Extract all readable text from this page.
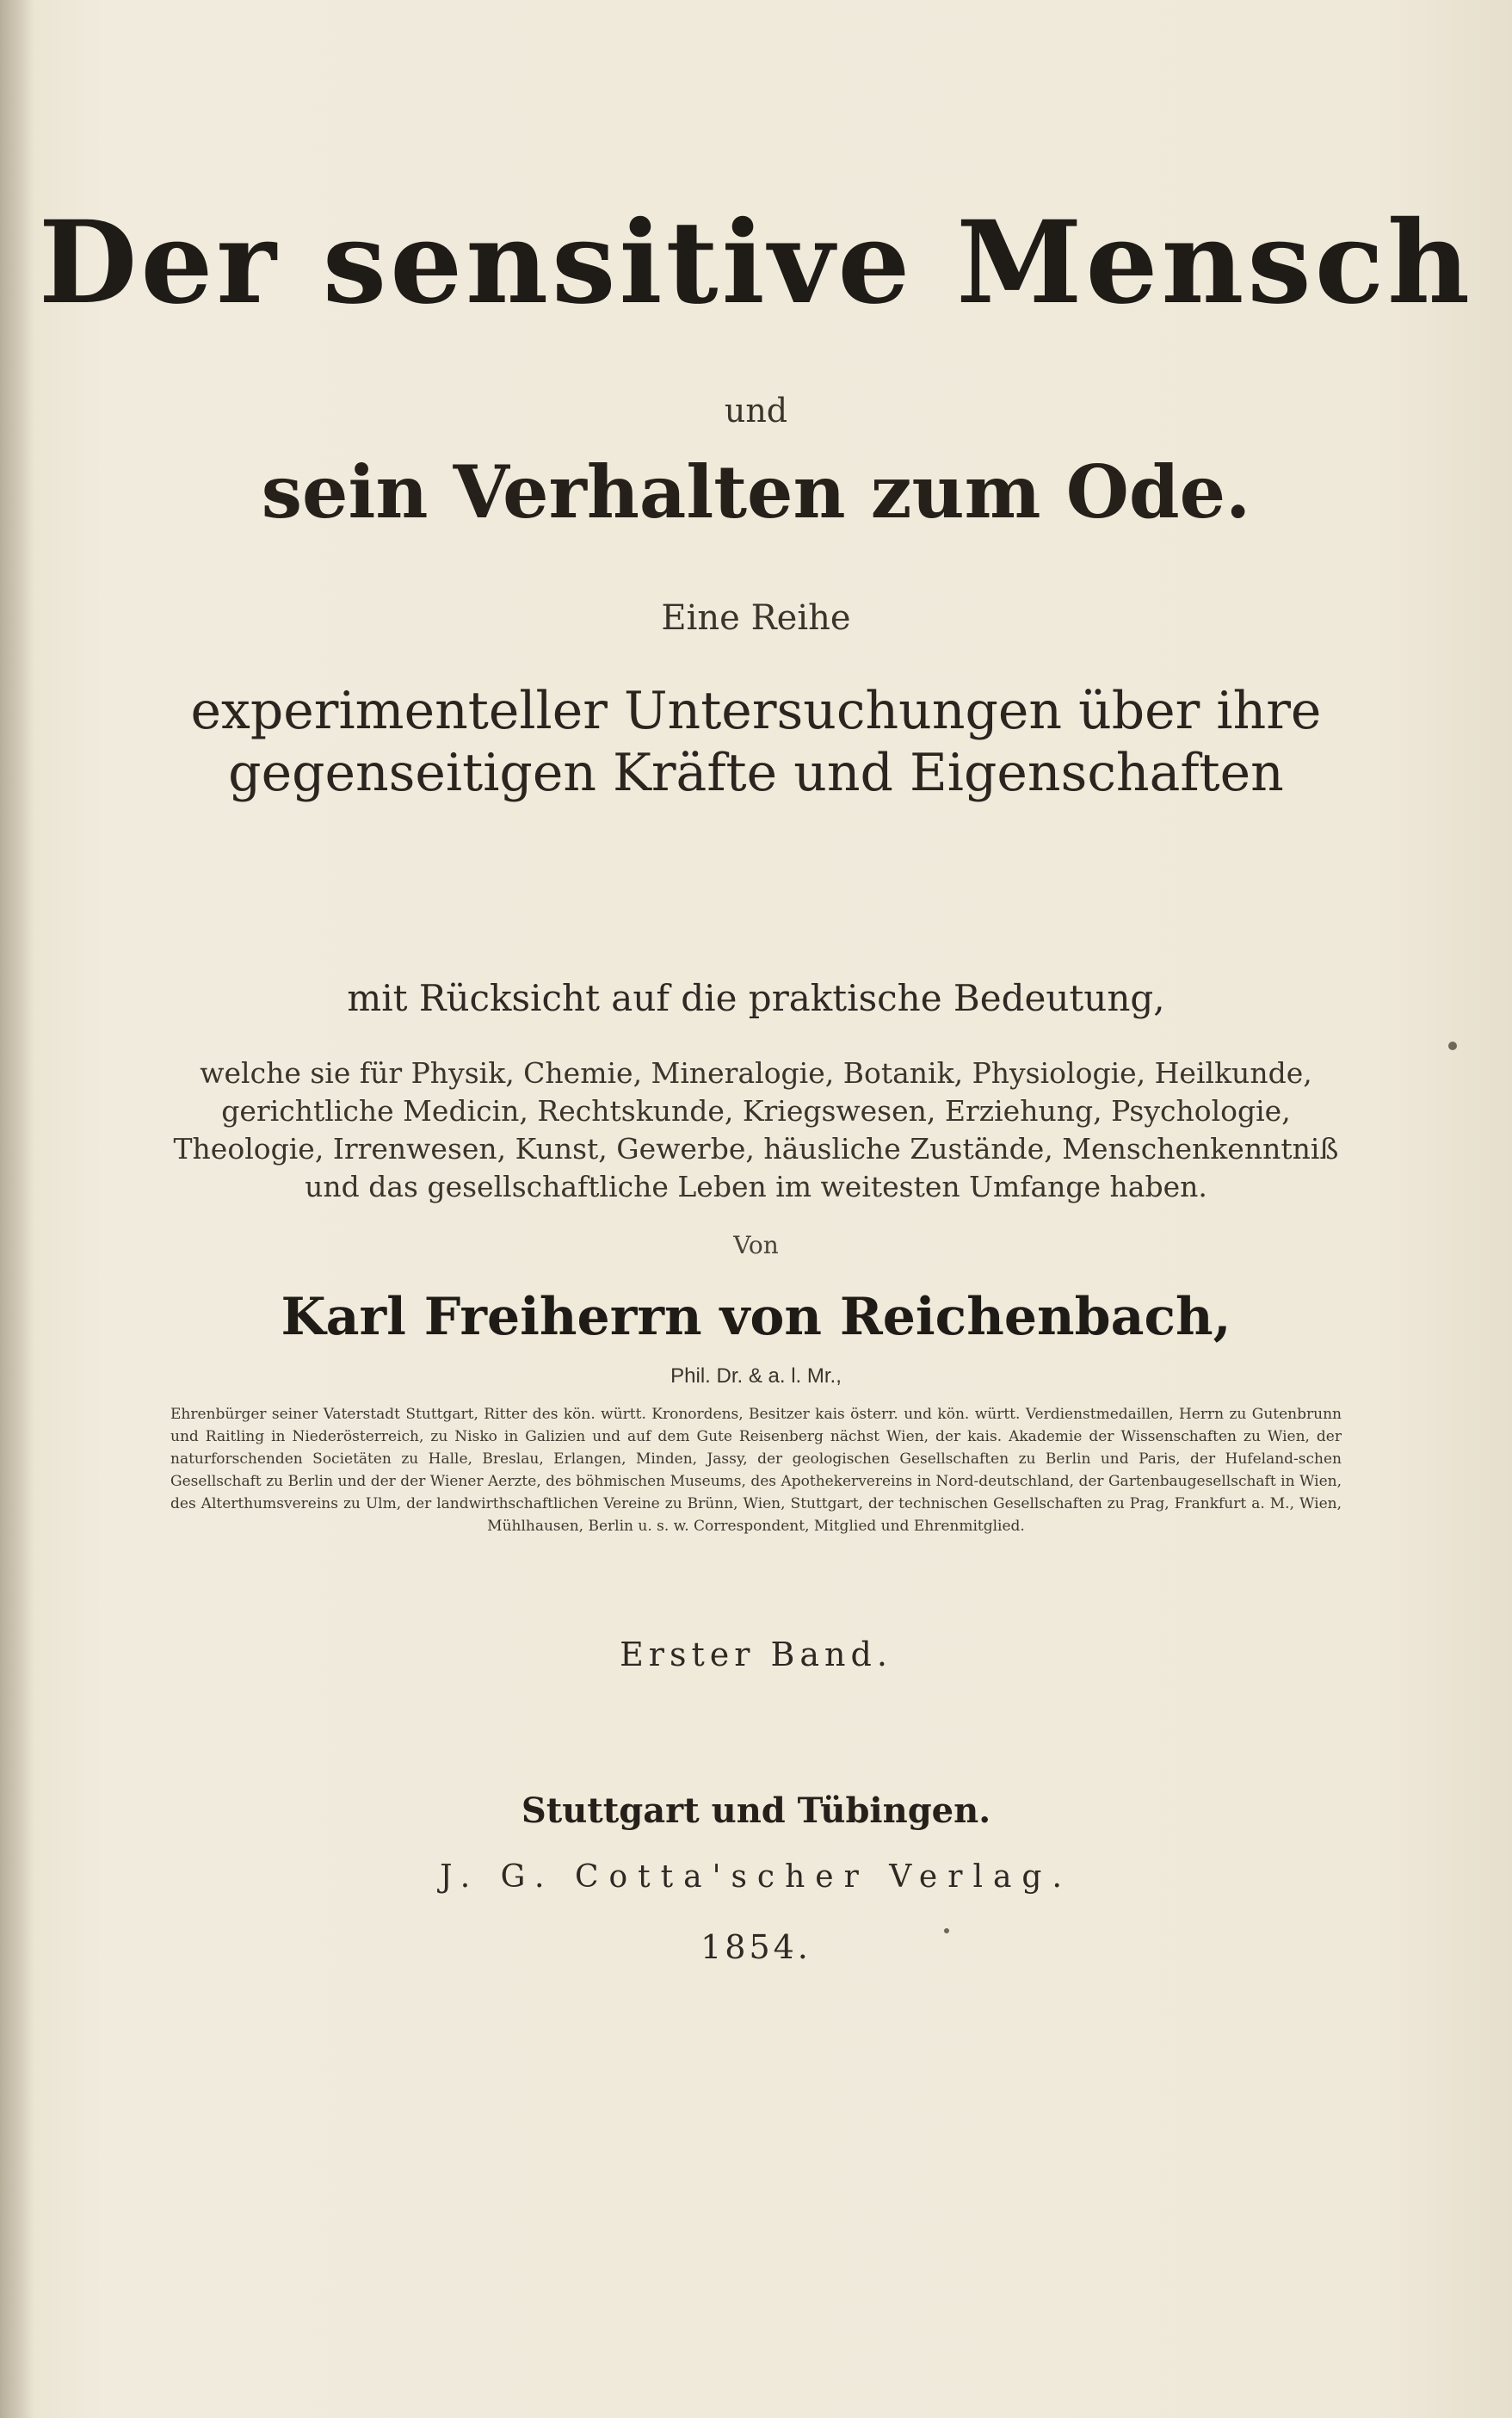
Der sensitive Mensch
und
sein Verhalten zum Ode.
Eine Reihe
experimenteller Untersuchungen über ihre gegenseitigen Kräfte und Eigenschaften
mit Rücksicht auf die praktische Bedeutung,
welche sie für Physik, Chemie, Mineralogie, Botanik, Physiologie, Heilkunde, gerichtliche Medicin, Rechtskunde, Kriegswesen, Erziehung, Psychologie, Theologie, Irrenwesen, Kunst, Gewerbe, häusliche Zustände, Menschenkenntniß und das gesellschaftliche Leben im weitesten Umfange haben.
Von
Karl Freiherrn von Reichenbach,
Phil. Dr. & a. l. Mr.,
Ehrenbürger seiner Vaterstadt Stuttgart, Ritter des kön. württ. Kronordens, Besitzer kais österr. und kön. württ. Verdienstmedaillen, Herrn zu Gutenbrunn und Raitling in Niederösterreich, zu Nisko in Galizien und auf dem Gute Reisenberg nächst Wien, der kais. Akademie der Wissenschaften zu Wien, der naturforschenden Societäten zu Halle, Breslau, Erlangen, Minden, Jassy, der geologischen Gesellschaften zu Berlin und Paris, der Hufeland-schen Gesellschaft zu Berlin und der der Wiener Aerzte, des böhmischen Museums, des Apothekervereins in Nord-deutschland, der Gartenbaugesellschaft in Wien, des Alterthumsvereins zu Ulm, der landwirthschaftlichen Vereine zu Brünn, Wien, Stuttgart, der technischen Gesellschaften zu Prag, Frankfurt a. M., Wien, Mühlhausen, Berlin u. s. w. Correspondent, Mitglied und Ehrenmitglied.
Erster Band.
Stuttgart und Tübingen.
J. G. Cotta'scher Verlag.
1854.
